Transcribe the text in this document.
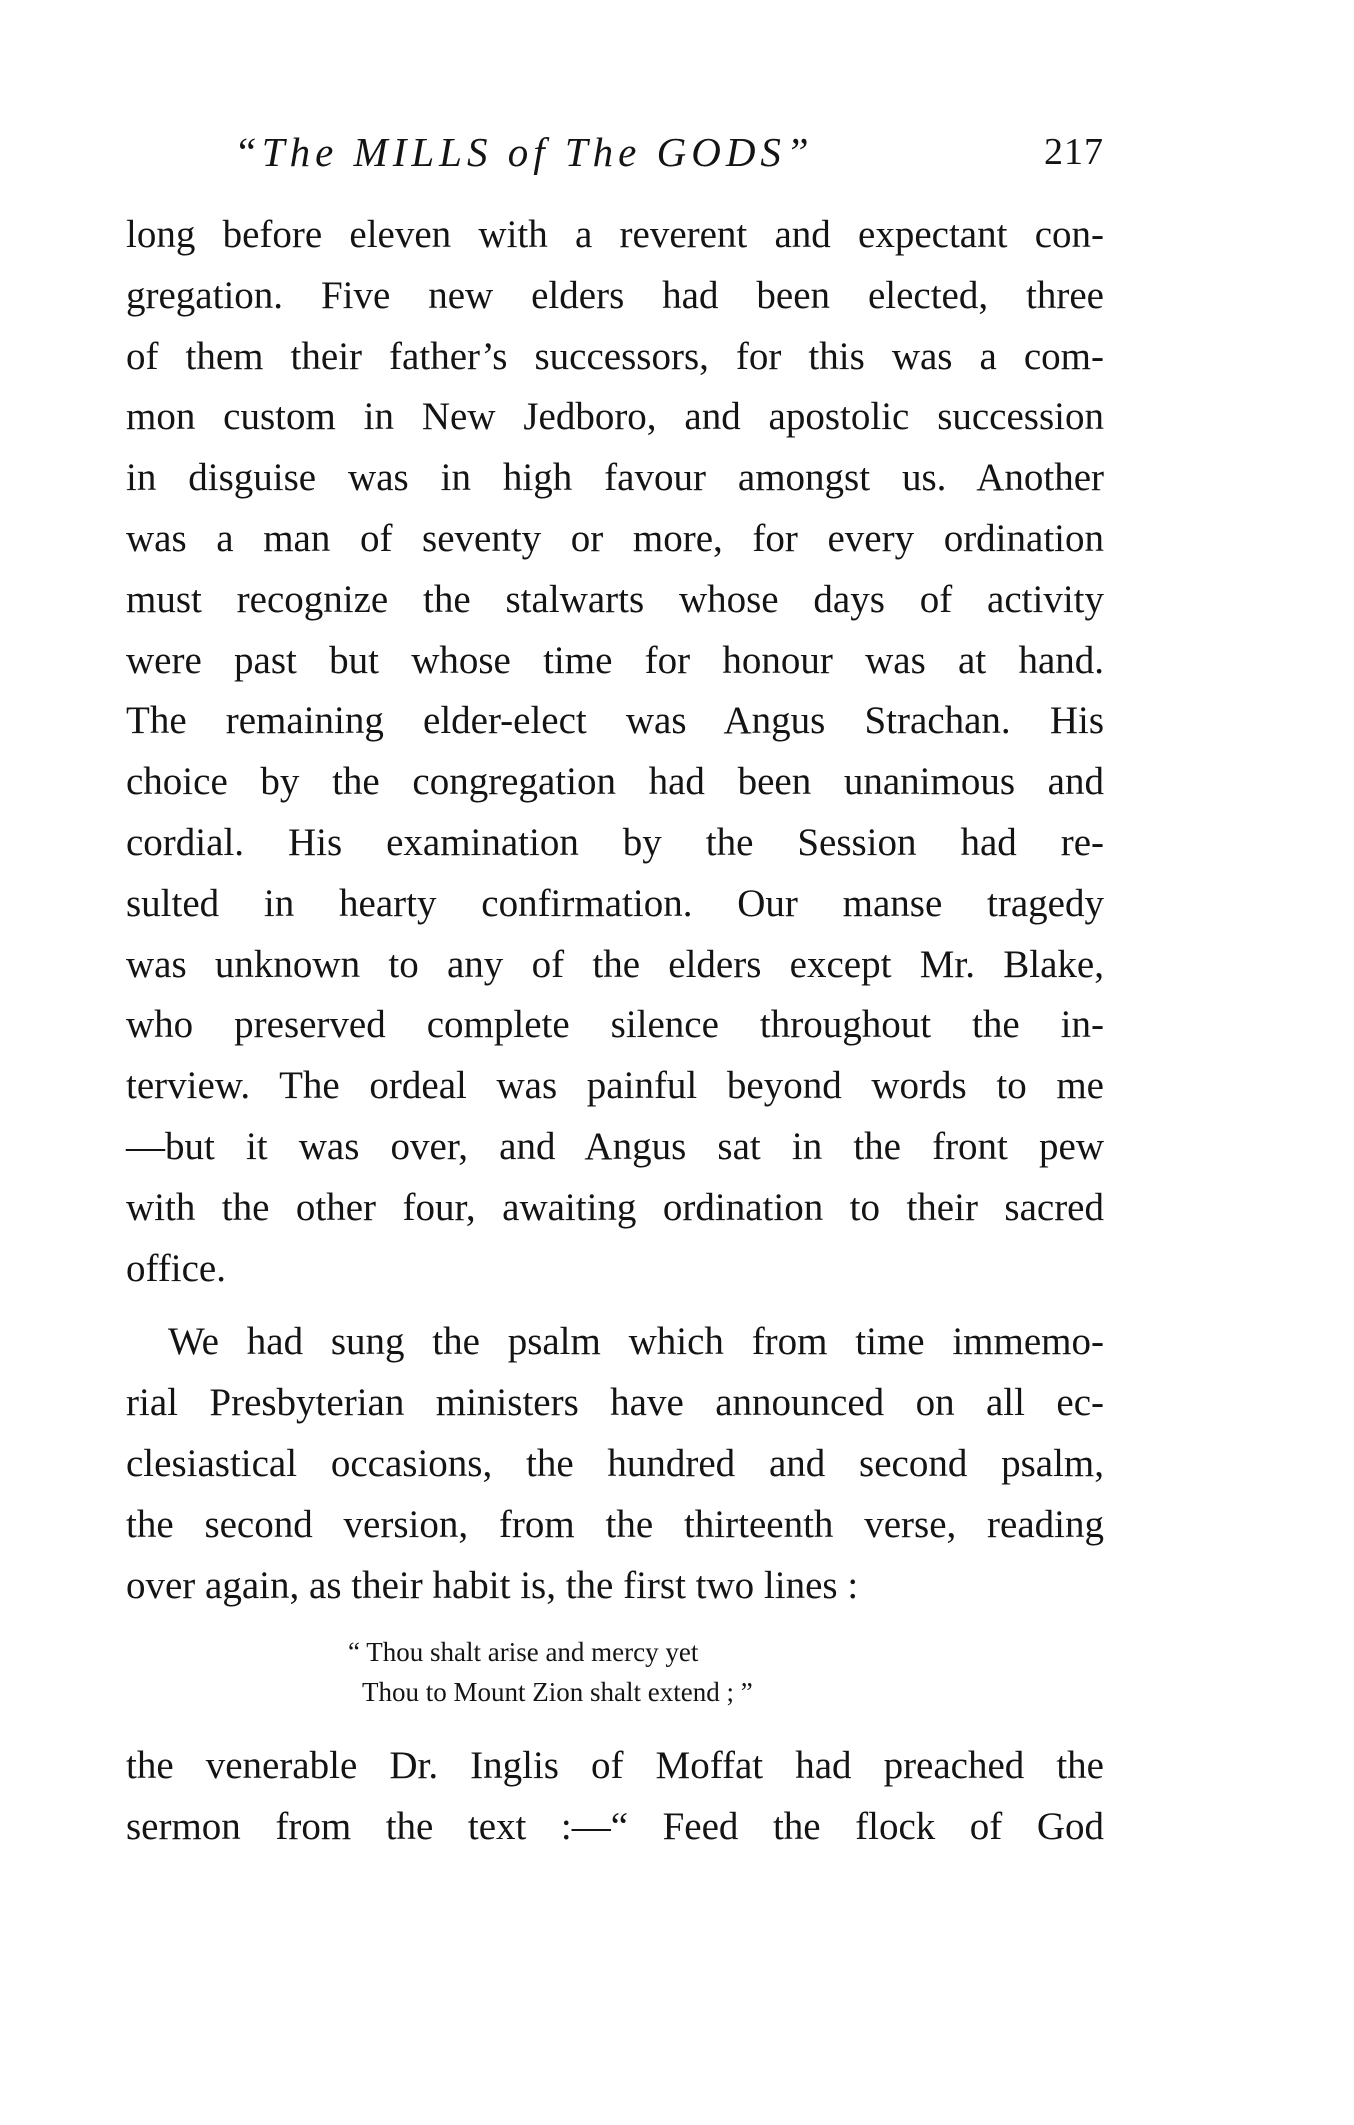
“The MILLS of The GODS”	217
long before eleven with a reverent and expectant con-
gregation. Five new elders had been elected, three
of them their father’s successors, for this was a com-
mon custom in New Jedboro, and apostolic succession
in disguise was in high favour amongst us. Another
was a man of seventy or more, for every ordination
must recognize the stalwarts whose days of activity
were past but whose time for honour was at hand.
The remaining elder-elect was Angus Strachan. His
choice by the congregation had been unanimous and
cordial. His examination by the Session had re-
sulted in hearty confirmation. Our manse tragedy
was unknown to any of the elders except Mr. Blake,
who preserved complete silence throughout the in-
terview. The ordeal was painful beyond words to me
—but it was over, and Angus sat in the front pew
with the other four, awaiting ordination to their sacred
office.
We had sung the psalm which from time immemo-
rial Presbyterian ministers have announced on all ec-
clesiastical occasions, the hundred and second psalm,
the second version, from the thirteenth verse, reading
over again, as their habit is, the first two lines :
“ Thou shalt arise and mercy yet
Thou to Mount Zion shalt extend ; ”
the venerable Dr. Inglis of Moffat had preached the
sermon from the text :—“ Feed the flock of God
